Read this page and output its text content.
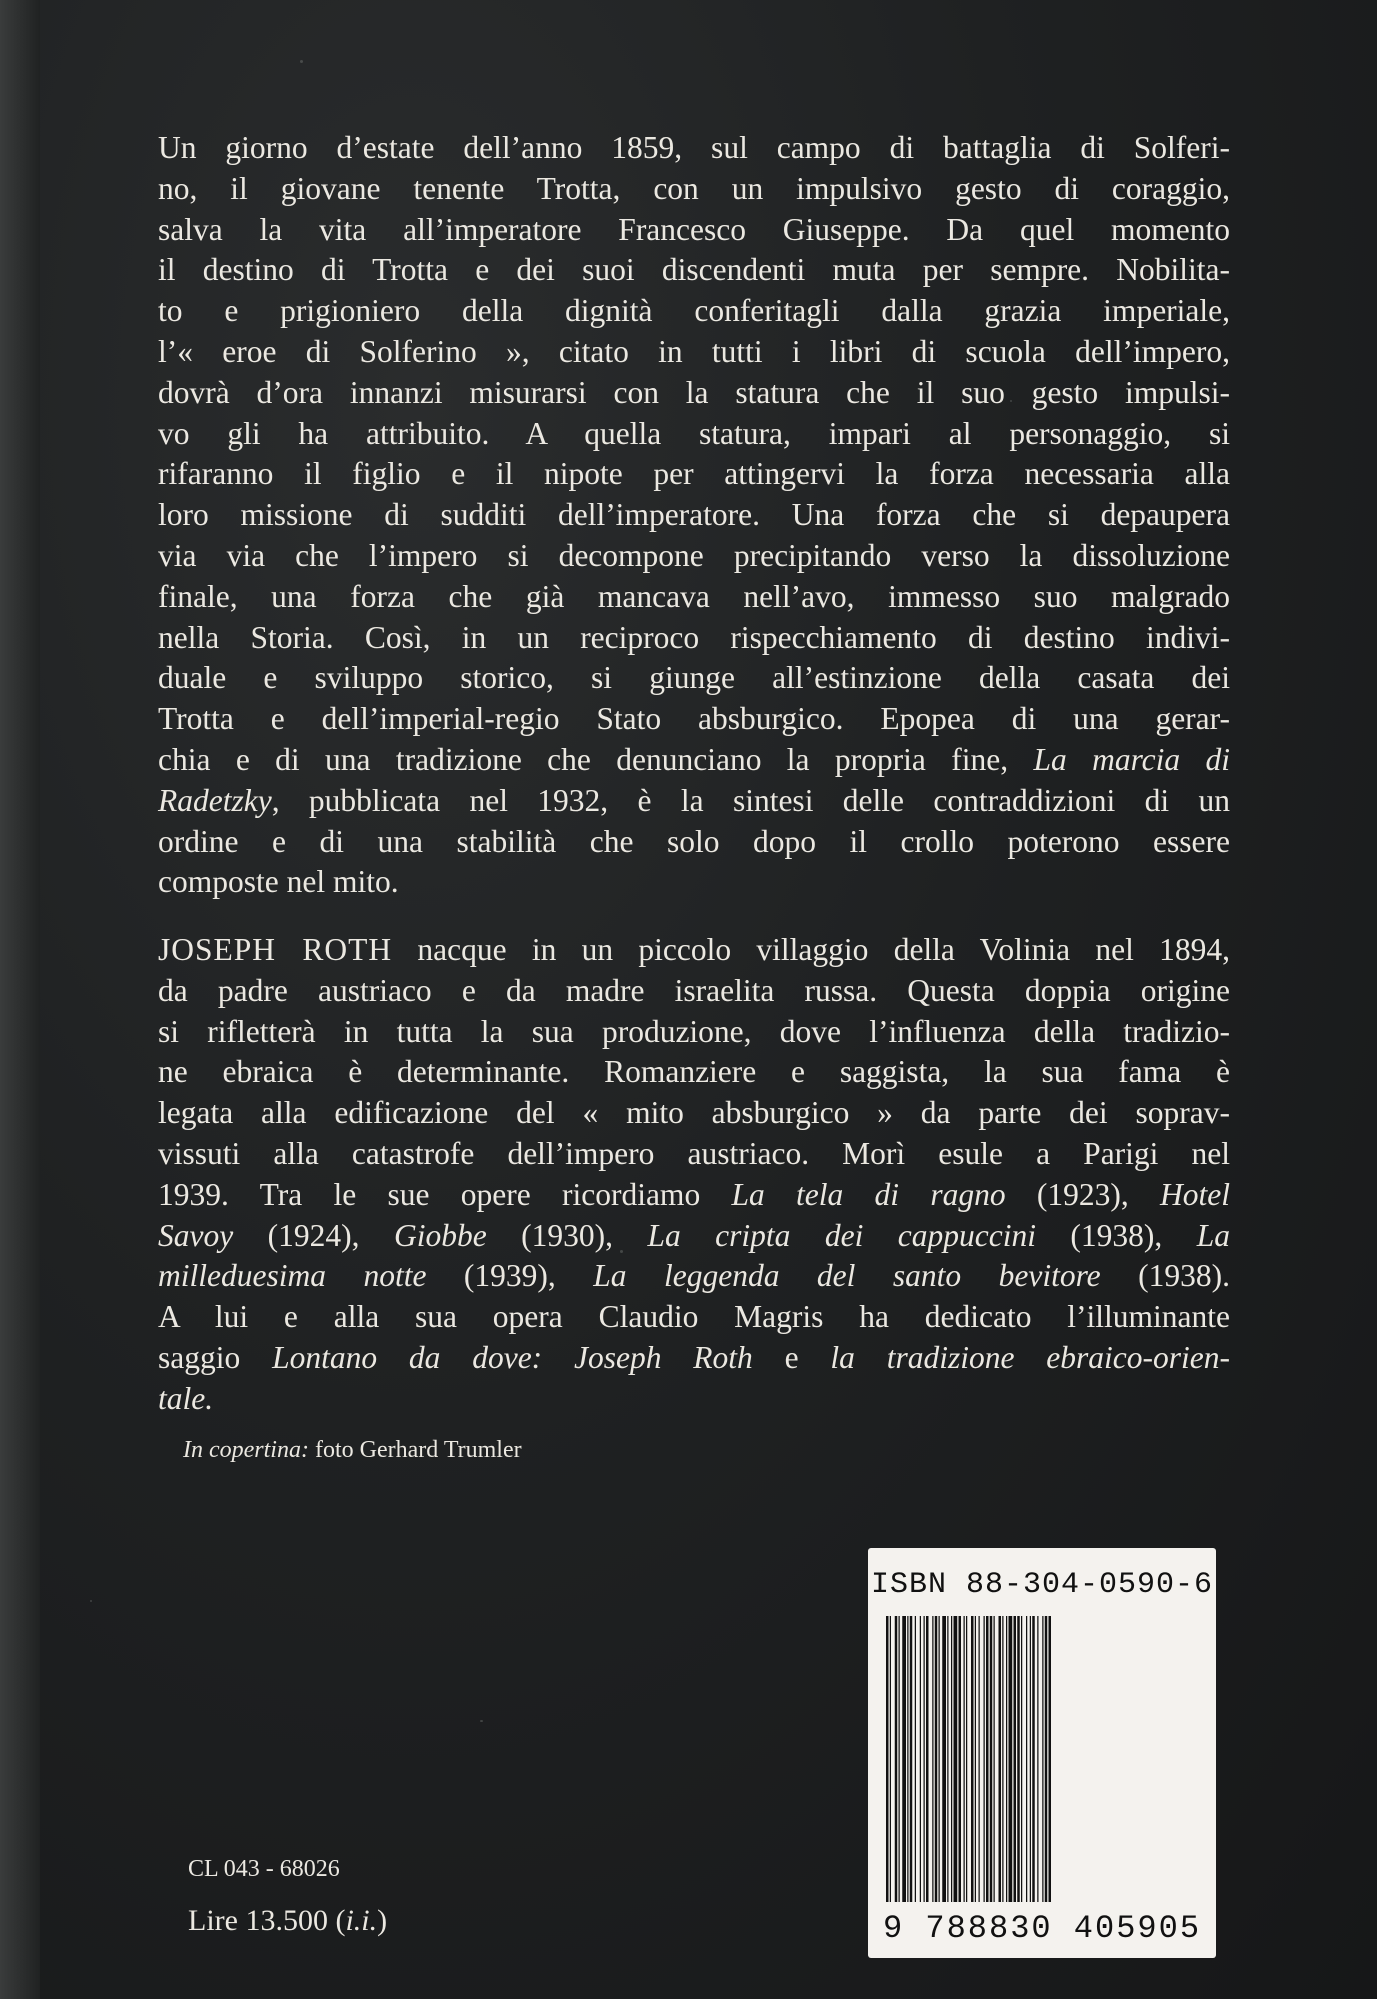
Un giorno d’estate dell’anno 1859, sul campo di battaglia di Solferi-
no, il giovane tenente Trotta, con un impulsivo gesto di coraggio,
salva la vita all’imperatore Francesco Giuseppe. Da quel momento
il destino di Trotta e dei suoi discendenti muta per sempre. Nobilita-
to e prigioniero della dignità conferitagli dalla grazia imperiale,
l’« eroe di Solferino », citato in tutti i libri di scuola dell’impero,
dovrà d’ora innanzi misurarsi con la statura che il suo gesto impulsi-
vo gli ha attribuito. A quella statura, impari al personaggio, si
rifaranno il figlio e il nipote per attingervi la forza necessaria alla
loro missione di sudditi dell’imperatore. Una forza che si depaupera
via via che l’impero si decompone precipitando verso la dissoluzione
finale, una forza che già mancava nell’avo, immesso suo malgrado
nella Storia. Così, in un reciproco rispecchiamento di destino indivi-
duale e sviluppo storico, si giunge all’estinzione della casata dei
Trotta e dell’imperial-regio Stato absburgico. Epopea di una gerar-
chia e di una tradizione che denunciano la propria fine, La marcia di
Radetzky, pubblicata nel 1932, è la sintesi delle contraddizioni di un
ordine e di una stabilità che solo dopo il crollo poterono essere
composte nel mito.
JOSEPH ROTH nacque in un piccolo villaggio della Volinia nel 1894,
da padre austriaco e da madre israelita russa. Questa doppia origine
si rifletterà in tutta la sua produzione, dove l’influenza della tradizio-
ne ebraica è determinante. Romanziere e saggista, la sua fama è
legata alla edificazione del « mito absburgico » da parte dei soprav-
vissuti alla catastrofe dell’impero austriaco. Morì esule a Parigi nel
1939. Tra le sue opere ricordiamo La tela di ragno (1923), Hotel
Savoy (1924), Giobbe (1930), La cripta dei cappuccini (1938), La
milleduesima notte (1939), La leggenda del santo bevitore (1938).
A lui e alla sua opera Claudio Magris ha dedicato l’illuminante
saggio Lontano da dove: Joseph Roth e la tradizione ebraico-orien-
tale.
In copertina: foto Gerhard Trumler
CL 043 - 68026
Lire 13.500 (i.i.)
ISBN 88-304-0590-6
9 788830 405905
